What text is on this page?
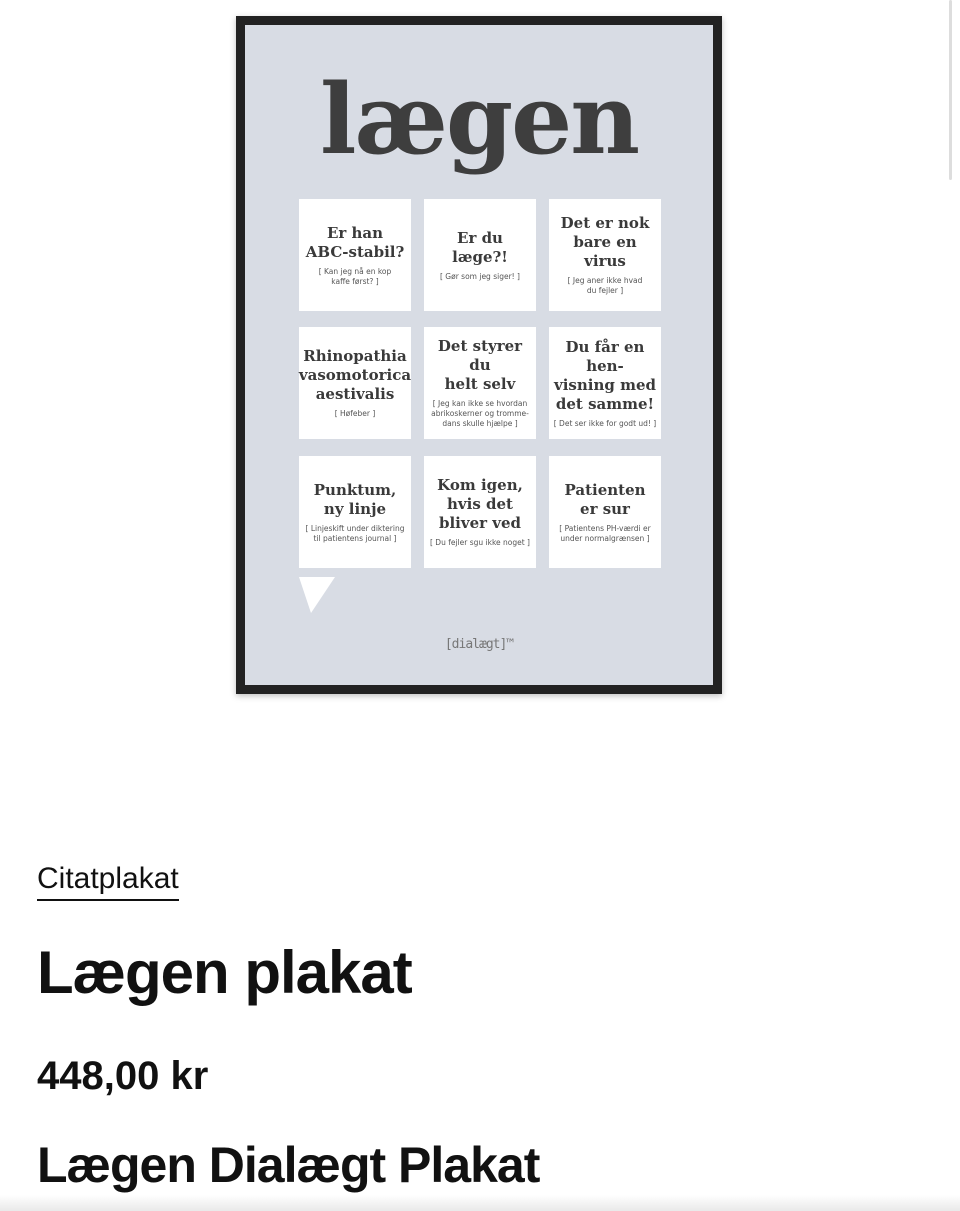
lægen
Er han
ABC-stabil?
[ Kan jeg nå en kop
kaffe først? ]
Er du læge?!
[ Gør som jeg siger! ]
Det er nok
bare en virus
[ Jeg aner ikke hvad
du fejler ]
Rhinopathia
vasomotorica
aestivalis
[ Høfeber ]
Det styrer du
helt selv
[ Jeg kan ikke se hvordan
abrikoskerner og tromme-
dans skulle hjælpe ]
Du får en hen-
visning med
det samme!
[ Det ser ikke for godt ud! ]
Punktum,
ny linje
[ Linjeskift under diktering
til patientens journal ]
Kom igen,
hvis det
bliver ved
[ Du fejler sgu ikke noget ]
Patienten
er sur
[ Patientens PH-værdi er
under normalgrænsen ]
[dialægt]™
Citatplakat
Lægen plakat
448,00 kr
Lægen Dialægt Plakat
